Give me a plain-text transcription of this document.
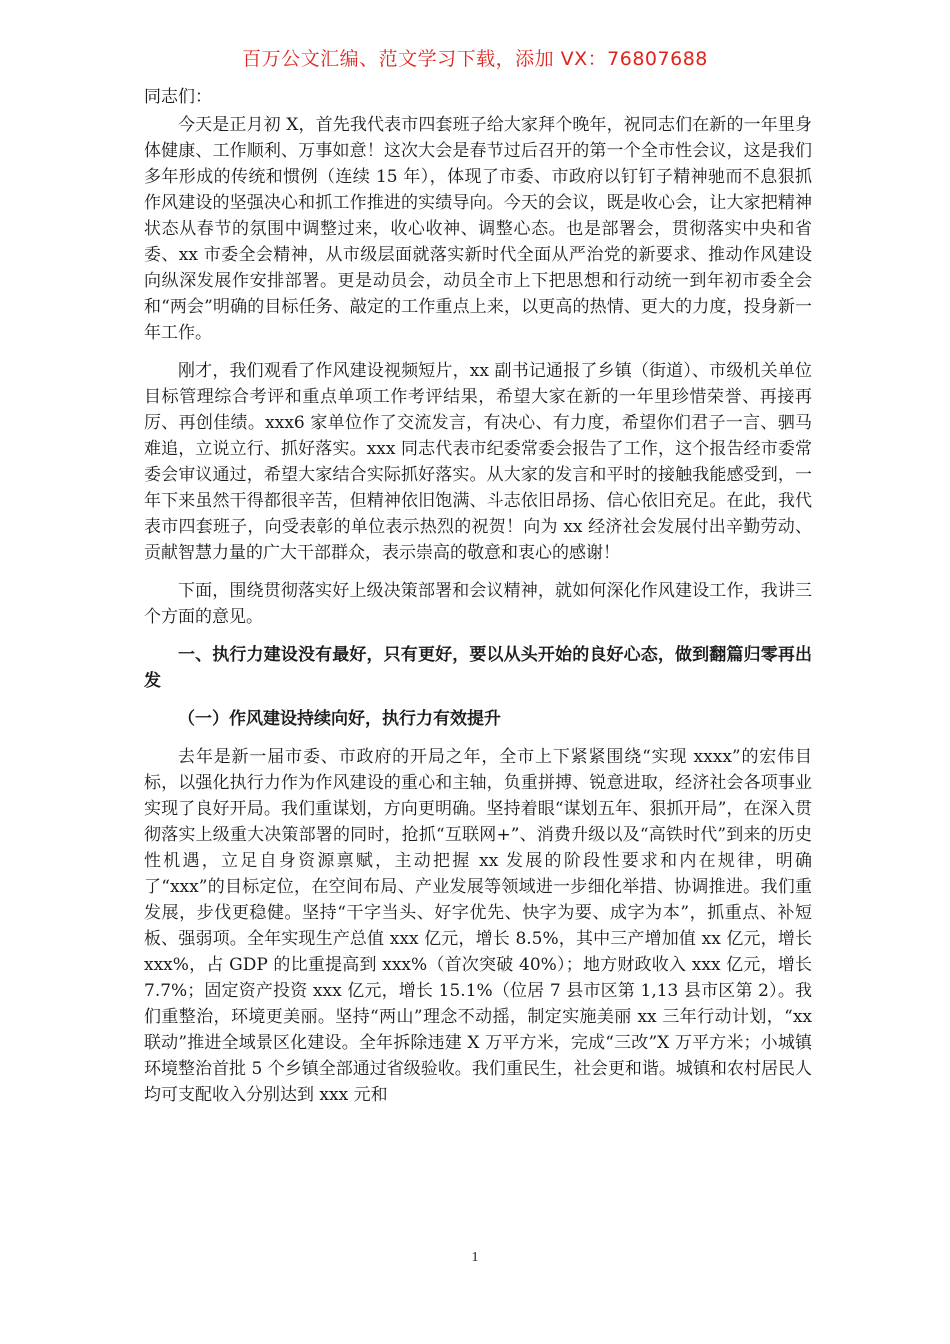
百万公文汇编、范文学习下载，添加 VX：76807688

同志们：

今天是正月初 X，首先我代表市四套班子给大家拜个晚年，祝同志们在新的一年里身体健康、工作顺利、万事如意！这次大会是春节过后召开的第一个全市性会议，这是我们多年形成的传统和惯例（连续 15 年），体现了市委、市政府以钉钉子精神驰而不息狠抓作风建设的坚强决心和抓工作推进的实绩导向。今天的会议，既是收心会，让大家把精神状态从春节的氛围中调整过来，收心收神、调整心态。也是部署会，贯彻落实中央和省委、xx 市委全会精神，从市级层面就落实新时代全面从严治党的新要求、推动作风建设向纵深发展作安排部署。更是动员会，动员全市上下把思想和行动统一到年初市委全会和“两会”明确的目标任务、敲定的工作重点上来，以更高的热情、更大的力度，投身新一年工作。

刚才，我们观看了作风建设视频短片，xx 副书记通报了乡镇（街道）、市级机关单位目标管理综合考评和重点单项工作考评结果，希望大家在新的一年里珍惜荣誉、再接再厉、再创佳绩。xxx6 家单位作了交流发言，有决心、有力度，希望你们君子一言、驷马难追，立说立行、抓好落实。xxx 同志代表市纪委常委会报告了工作，这个报告经市委常委会审议通过，希望大家结合实际抓好落实。从大家的发言和平时的接触我能感受到，一年下来虽然干得都很辛苦，但精神依旧饱满、斗志依旧昂扬、信心依旧充足。在此，我代表市四套班子，向受表彰的单位表示热烈的祝贺！向为 xx 经济社会发展付出辛勤劳动、贡献智慧力量的广大干部群众，表示崇高的敬意和衷心的感谢！

下面，围绕贯彻落实好上级决策部署和会议精神，就如何深化作风建设工作，我讲三个方面的意见。

一、执行力建设没有最好，只有更好，要以从头开始的良好心态，做到翻篇归零再出发

（一）作风建设持续向好，执行力有效提升

去年是新一届市委、市政府的开局之年，全市上下紧紧围绕“实现 xxxx”的宏伟目标，以强化执行力作为作风建设的重心和主轴，负重拼搏、锐意进取，经济社会各项事业实现了良好开局。我们重谋划，方向更明确。坚持着眼“谋划五年、狠抓开局”，在深入贯彻落实上级重大决策部署的同时，抢抓“互联网+”、消费升级以及“高铁时代”到来的历史性机遇，立足自身资源禀赋，主动把握 xx 发展的阶段性要求和内在规律，明确了“xxx”的目标定位，在空间布局、产业发展等领域进一步细化举措、协调推进。我们重发展，步伐更稳健。坚持“干字当头、好字优先、快字为要、成字为本”，抓重点、补短板、强弱项。全年实现生产总值 xxx 亿元，增长 8.5%，其中三产增加值 xx 亿元，增长 xxx%，占 GDP 的比重提高到 xxx%（首次突破 40%）；地方财政收入 xxx 亿元，增长 7.7%；固定资产投资 xxx 亿元，增长 15.1%（位居 7 县市区第 1,13 县市区第 2）。我们重整治，环境更美丽。坚持“两山”理念不动摇，制定实施美丽 xx 三年行动计划，“xx 联动”推进全域景区化建设。全年拆除违建 X 万平方米，完成“三改”X 万平方米；小城镇环境整治首批 5 个乡镇全部通过省级验收。我们重民生，社会更和谐。城镇和农村居民人均可支配收入分别达到 xxx 元和

1
